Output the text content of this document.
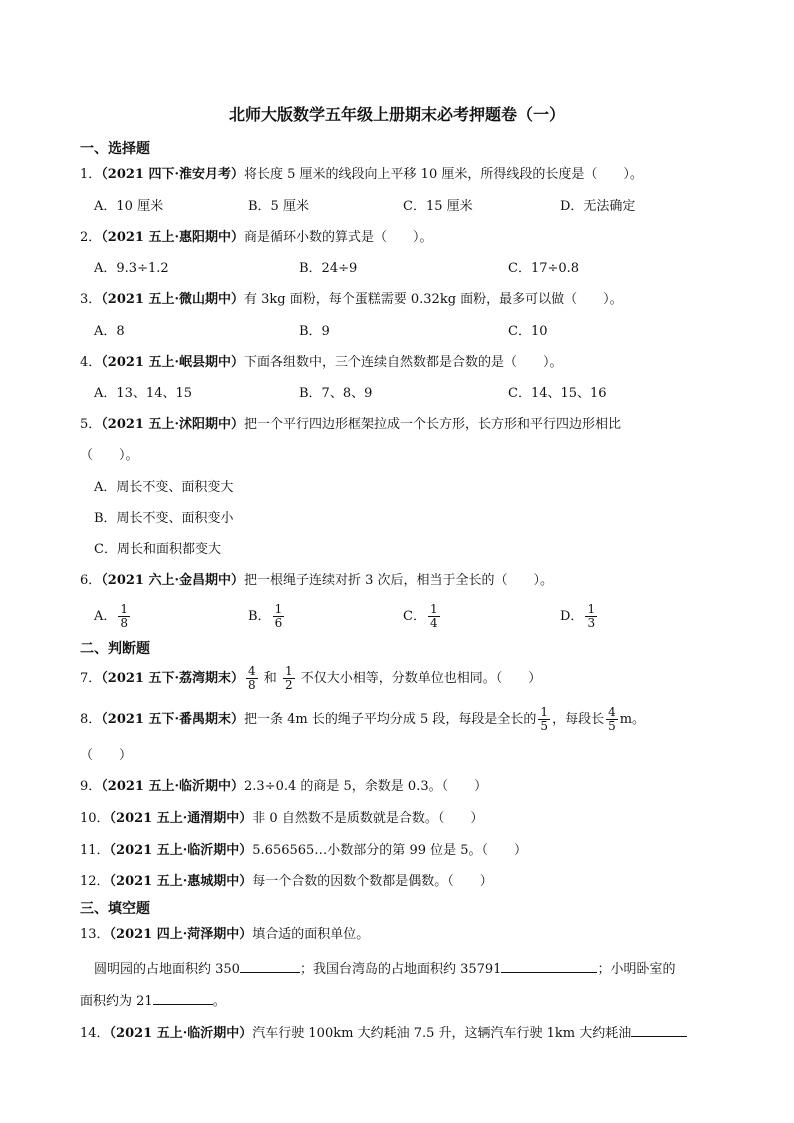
北师大版数学五年级上册期末必考押题卷（一）
一、选择题
1．（2021 四下·淮安月考）将长度 5 厘米的线段向上平移 10 厘米，所得线段的长度是（　　）。
A．10 厘米	B．5 厘米	C．15 厘米	D．无法确定
2．（2021 五上·惠阳期中）商是循环小数的算式是（　　）。
A．9.3÷1.2	B．24÷9	C．17÷0.8
3．（2021 五上·微山期中）有 3kg 面粉，每个蛋糕需要 0.32kg 面粉，最多可以做（　　）。
A．8	B．9	C．10
4．（2021 五上·岷县期中）下面各组数中，三个连续自然数都是合数的是（　　）。
A．13、14、15	B．7、8、9	C．14、15、16
5．（2021 五上·沭阳期中）把一个平行四边形框架拉成一个长方形，长方形和平行四边形相比
（　　）。
A．周长不变、面积变大
B．周长不变、面积变小
C．周长和面积都变大
6．（2021 六上·金昌期中）把一根绳子连续对折 3 次后，相当于全长的（　　）。
A． $\frac{1}{8}$	B． $\frac{1}{6}$	C． $\frac{1}{4}$	D． $\frac{1}{3}$
二、判断题
7．（2021 五下·荔湾期末） $\frac{4}{8}$ 和 $\frac{1}{2}$ 不仅大小相等，分数单位也相同。（　　）
8．（2021 五下·番禺期末）把一条 4m 长的绳子平均分成 5 段，每段是全长的 $\frac{1}{5}$ ，每段长 $\frac{4}{5}$ m。
（　　）
9．（2021 五上·临沂期中）2.3÷0.4 的商是 5，余数是 0.3。（　　）
10．（2021 五上·通渭期中）非 0 自然数不是质数就是合数。（　　）
11．（2021 五上·临沂期中）5.656565…小数部分的第 99 位是 5。（　　）
12．（2021 五上·惠城期中）每一个合数的因数个数都是偶数。（　　）
三、填空题
13．（2021 四上·菏泽期中）填合适的面积单位。
圆明园的占地面积约 350	；我国台湾岛的占地面积约 35791	；小明卧室的
面积约为 21	。
14．（2021 五上·临沂期中）汽车行驶 100km 大约耗油 7.5 升，这辆汽车行驶 1km 大约耗油
